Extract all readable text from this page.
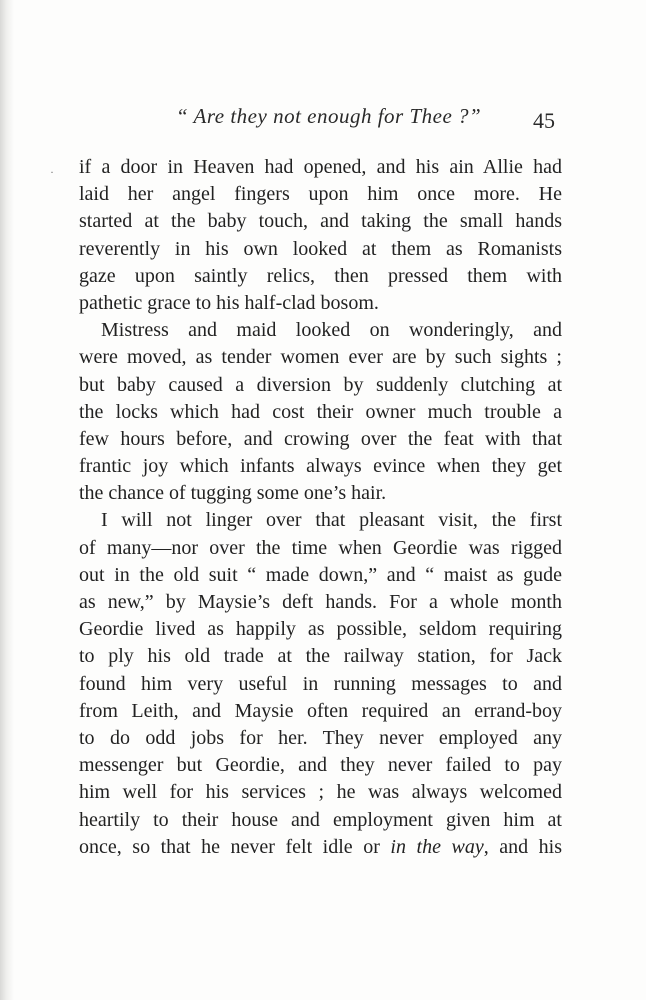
“ Are they not enough for Thee ?” 45
· if a door in Heaven had opened, and his ain Allie had
laid her angel fingers upon him once more. He
started at the baby touch, and taking the small hands
reverently in his own looked at them as Romanists
gaze upon saintly relics, then pressed them with
pathetic grace to his half-clad bosom.
Mistress and maid looked on wonderingly, and
were moved, as tender women ever are by such sights ;
but baby caused a diversion by suddenly clutching at
the locks which had cost their owner much trouble a
few hours before, and crowing over the feat with that
frantic joy which infants always evince when they get
the chance of tugging some one’s hair.
I will not linger over that pleasant visit, the first
of many—nor over the time when Geordie was rigged
out in the old suit “ made down,” and “ maist as gude
as new,” by Maysie’s deft hands. For a whole month
Geordie lived as happily as possible, seldom requiring
to ply his old trade at the railway station, for Jack
found him very useful in running messages to and
from Leith, and Maysie often required an errand-boy
to do odd jobs for her. They never employed any
messenger but Geordie, and they never failed to pay
him well for his services ; he was always welcomed
heartily to their house and employment given him at
once, so that he never felt idle or in the way, and his
